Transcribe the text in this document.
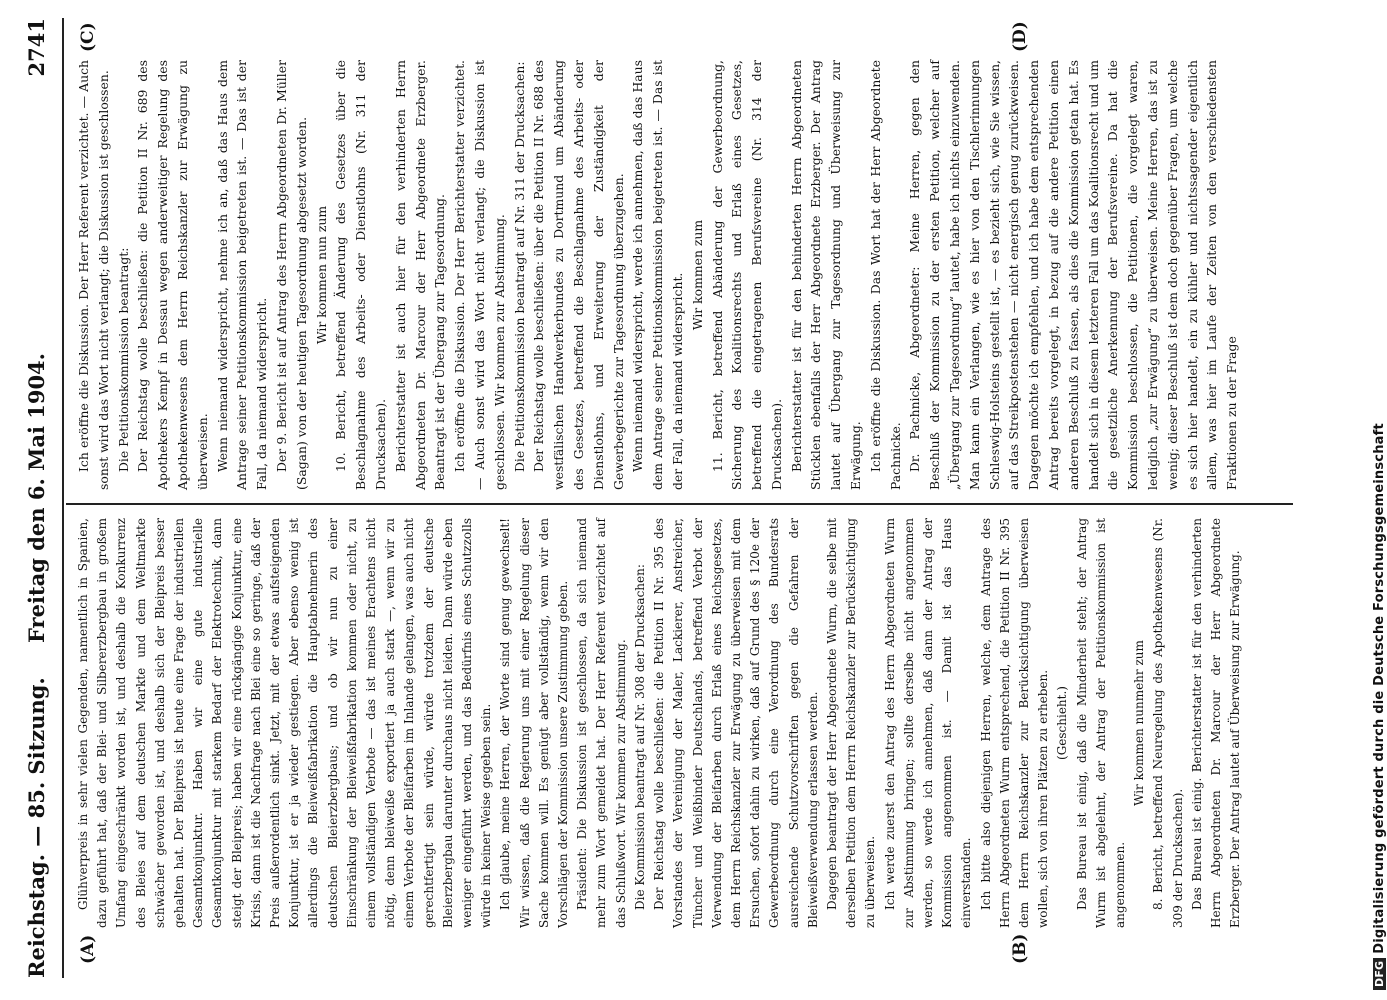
Reichstag. — 85. Sitzung.
Freitag den 6. Mai 1904.
2741
(A)	(B)
(C)	(D)

Glühverpreis in sehr vielen Gegenden, namentlich in Spanien, dazu geführt hat, daß der Blei- und Silbererzbergbau in großem Umfang eingeschränkt worden ist, und deshalb die Konkurrenz des Bleies auf dem deutschen Markte und dem Weltmarkte schwächer geworden ist, und deshalb sich der Bleipreis besser gehalten hat. Der Bleipreis ist heute eine Frage der industriellen Gesamtkonjunktur. Haben wir eine gute industrielle Gesamtkonjunktur mit starkem Bedarf der Elektrotechnik, dann steigt der Bleipreis; haben wir eine rückgängige Konjunktur, eine Krisis, dann ist die Nachfrage nach Blei eine so geringe, daß der Preis außerordentlich sinkt. Jetzt, mit der etwas aufsteigenden Konjunktur, ist er ja wieder gestiegen. Aber ebenso wenig ist allerdings die Bleiweißfabrikation die Hauptabnehmerin des deutschen Bleierzbergbaus; und ob wir nun zu einer Einschränkung der Bleiweißfabrikation kommen oder nicht, zu einem vollständigen Verbote — das ist meines Erachtens nicht nötig, denn bleiweiße exportiert ja auch stark —, wenn wir zu einem Verbote der Bleifarben im Inlande gelangen, was auch nicht gerechtfertigt sein würde, würde trotzdem der deutsche Bleierzbergbau darunter durchaus nicht leiden. Dann würde eben weniger eingeführt werden, und das Bedürfnis eines Schutzzolls würde in keiner Weise gegeben sein. Ich glaube, meine Herren, der Worte sind genug gewechselt! Wir wissen, daß die Regierung uns mit einer Regelung dieser Sache kommen will. Es genügt aber vollständig, wenn wir den Vorschlägen der Kommission unsere Zustimmung geben. Präsident: Die Diskussion ist geschlossen, da sich niemand mehr zum Wort gemeldet hat. Der Herr Referent verzichtet auf das Schlußwort. Wir kommen zur Abstimmung. Die Kommission beantragt auf Nr. 308 der Drucksachen: Der Reichstag wolle beschließen: die Petition II Nr. 395 des Vorstandes der Vereinigung der Maler, Lackierer, Anstreicher, Tüncher und Weißbinder Deutschlands, betreffend Verbot der Verwendung der Bleifarben durch Erlaß eines Reichsgesetzes, dem Herrn Reichskanzler zur Erwägung zu überweisen mit dem Ersuchen, sofort dahin zu wirken, daß auf Grund des § 120e der Gewerbeordnung durch eine Verordnung des Bundesrats ausreichende Schutzvorschriften gegen die Gefahren der Bleiweißverwendung erlassen werden. Dagegen beantragt der Herr Abgeordnete Wurm, die selbe mit derselben Petition dem Herrn Reichskanzler zur Berücksichtigung zu überweisen. Ich werde zuerst den Antrag des Herrn Abgeordneten Wurm zur Abstimmung bringen; sollte derselbe nicht angenommen werden, so werde ich annehmen, daß dann der Antrag der Kommission angenommen ist. — Damit ist das Haus einverstanden. Ich bitte also diejenigen Herren, welche, dem Antrage des Herrn Abgeordneten Wurm entsprechend, die Petition II Nr. 395 dem Herrn Reichskanzler zur Berücksichtigung überweisen wollen, sich von ihren Plätzen zu erheben. (Geschieht.) Das Bureau ist einig, daß die Minderheit steht; der Antrag Wurm ist abgelehnt, der Antrag der Petitionskommission ist angenommen.

Wir kommen nunmehr zum 8. Bericht, betreffend Neuregelung des Apothekenwesens (Nr. 309 der Drucksachen). Das Bureau ist einig. Berichterstatter ist für den verhinderten Herrn Abgeordneten Dr. Marcour der Herr Abgeordnete Erzberger. Der Antrag lautet auf Überweisung zur Erwägung.

Ich eröffne die Diskussion. Der Herr Referent verzichtet. — Auch sonst wird das Wort nicht verlangt; die Diskussion ist geschlossen. Die Petitionskommission beantragt: Der Reichstag wolle beschließen: die Petition II Nr. 689 des Apothekers Kempf in Dessau wegen anderweitiger Regelung des Apothekenwesens dem Herrn Reichskanzler zur Erwägung zu überweisen. Wenn niemand widerspricht, nehme ich an, daß das Haus dem Antrage seiner Petitionskommission beigetreten ist. — Das ist der Fall, da niemand widerspricht. Der 9. Bericht ist auf Antrag des Herrn Abgeordneten Dr. Müller (Sagan) von der heutigen Tagesordnung abgesetzt worden. Wir kommen nun zum 10. Bericht, betreffend Änderung des Gesetzes über die Beschlagnahme des Arbeits- oder Dienstlohns (Nr. 311 der Drucksachen). Berichterstatter ist auch hier für den verhinderten Herrn Abgeordneten Dr. Marcour der Herr Abgeordnete Erzberger. Beantragt ist der Übergang zur Tagesordnung. Ich eröffne die Diskussion. Der Herr Berichterstatter verzichtet. — Auch sonst wird das Wort nicht verlangt; die Diskussion ist geschlossen. Wir kommen zur Abstimmung. Die Petitionskommission beantragt auf Nr. 311 der Drucksachen: Der Reichstag wolle beschließen: über die Petition II Nr. 688 des westfälischen Handwerkerbundes zu Dortmund um Abänderung des Gesetzes, betreffend die Beschlagnahme des Arbeits- oder Dienstlohns, und Erweiterung der Zuständigkeit der Gewerbegerichte zur Tagesordnung überzugehen. Wenn niemand widerspricht, werde ich annehmen, daß das Haus dem Antrage seiner Petitionskommission beigetreten ist. — Das ist der Fall, da niemand widerspricht. Wir kommen zum 11. Bericht, betreffend Abänderung der Gewerbeordnung, Sicherung des Koalitionsrechts und Erlaß eines Gesetzes, betreffend die eingetragenen Berufsvereine (Nr. 314 der Drucksachen). Berichterstatter ist für den behinderten Herrn Abgeordneten Stücklen ebenfalls der Herr Abgeordnete Erzberger. Der Antrag lautet auf Übergang zur Tagesordnung und Überweisung zur Erwägung. Ich eröffne die Diskussion. Das Wort hat der Herr Abgeordnete Pachnicke. Dr. Pachnicke, Abgeordneter: Meine Herren, gegen den Beschluß der Kommission zu der ersten Petition, welcher auf „Übergang zur Tagesordnung“ lautet, habe ich nichts einzuwenden. Man kann ein Verlangen, wie es hier von den Tischlerinnungen Schleswig-Holsteins gestellt ist, — es bezieht sich, wie Sie wissen, auf das Streikpostenstehen — nicht energisch genug zurückweisen. Dagegen möchte ich empfehlen, und ich habe dem entsprechenden Antrag bereits vorgelegt, in bezug auf die andere Petition einen anderen Beschluß zu fassen, als dies die Kommission getan hat. Es handelt sich in diesem letzteren Fall um das Koalitionsrecht und um die gesetzliche Anerkennung der Berufsvereine. Da hat die Kommission beschlossen, die Petitionen, die vorgelegt waren, lediglich „zur Erwägung“ zu überweisen. Meine Herren, das ist zu wenig; dieser Beschluß ist dem doch gegenüber Fragen, um welche es sich hier handelt, ein zu kühler und nichtssagender eigentlich allem, was hier im Laufe der Zeiten von den verschiedensten Fraktionen zu der Frage

DFGDigitalisierung gefördert durch die Deutsche Forschungsgemeinschaft
